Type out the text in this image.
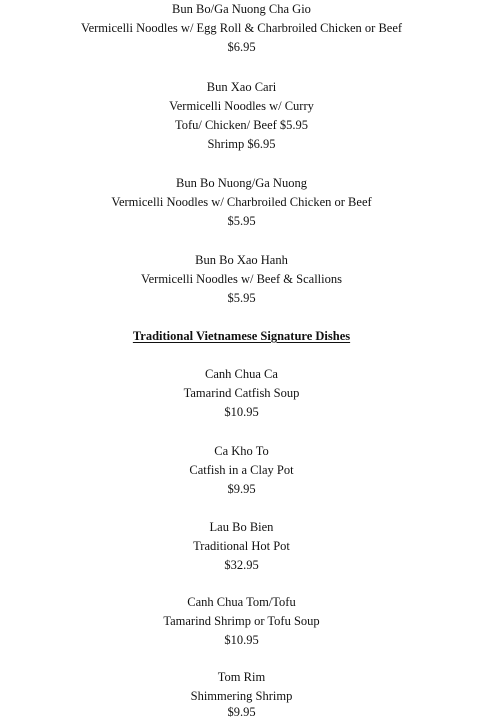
Bun Bo/Ga Nuong Cha Gio
Vermicelli Noodles w/ Egg Roll & Charbroiled Chicken or Beef
$6.95
Bun Xao Cari
Vermicelli Noodles w/ Curry
Tofu/ Chicken/ Beef $5.95
Shrimp $6.95
Bun Bo Nuong/Ga Nuong
Vermicelli Noodles w/ Charbroiled Chicken or Beef
$5.95
Bun Bo Xao Hanh
Vermicelli Noodles w/ Beef & Scallions
$5.95
Traditional Vietnamese Signature Dishes
Canh Chua Ca
Tamarind Catfish Soup
$10.95
Ca Kho To
Catfish in a Clay Pot
$9.95
Lau Bo Bien
Traditional Hot Pot
$32.95
Canh Chua Tom/Tofu
Tamarind Shrimp or Tofu Soup
$10.95
Tom Rim
Shimmering Shrimp
$9.95
